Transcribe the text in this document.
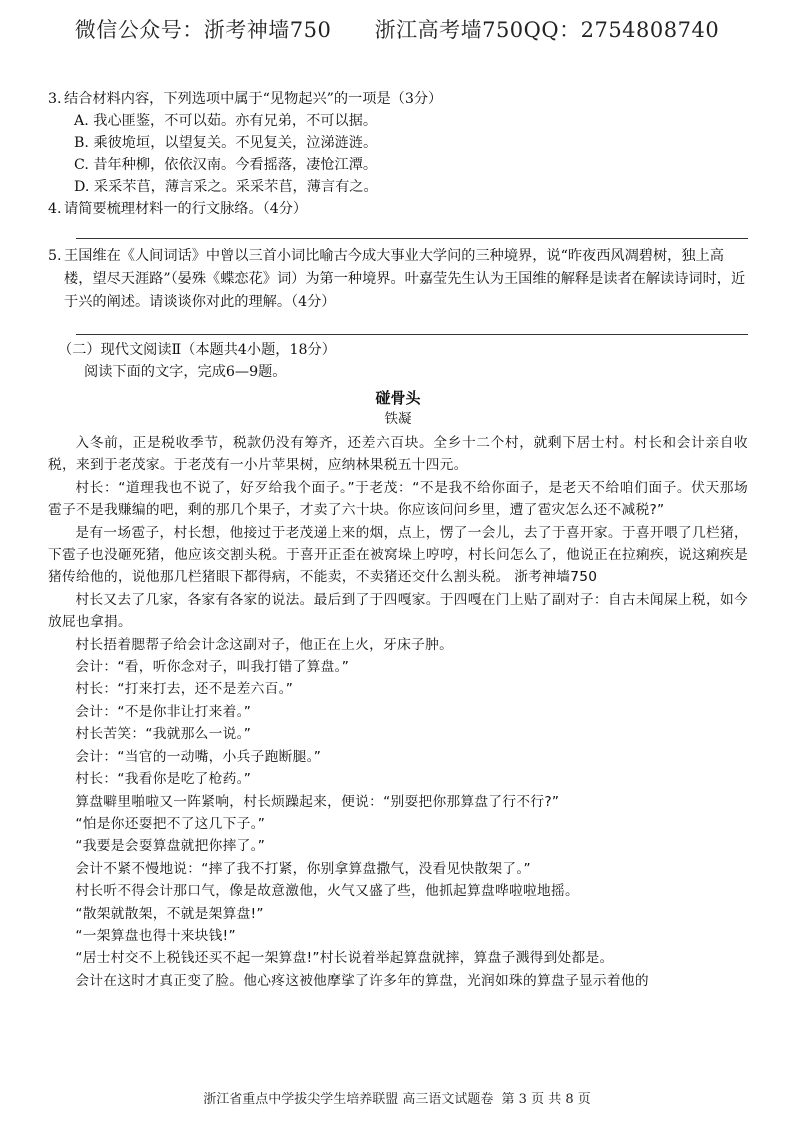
微信公众号：浙考神墙750 浙江高考墙750QQ：2754808740

3. 结合材料内容，下列选项中属于“见物起兴”的一项是（3分）

A. 我心匪鉴，不可以茹。亦有兄弟，不可以据。

B. 乘彼垝垣，以望复关。不见复关，泣涕涟涟。

C. 昔年种柳，依依汉南。今看摇落，凄怆江潭。

D. 采采芣苢，薄言采之。采采芣苢，薄言有之。

4. 请简要梳理材料一的行文脉络。（4分）

5. 王国维在《人间词话》中曾以三首小词比喻古今成大事业大学问的三种境界，说“昨夜西风凋碧树，独上高楼，望尽天涯路”（晏殊《蝶恋花》词）为第一种境界。叶嘉莹先生认为王国维的解释是读者在解读诗词时，近于兴的阐述。请谈谈你对此的理解。（4分）

（二）现代文阅读Ⅱ（本题共4小题，18分）

阅读下面的文字，完成6—9题。

碰骨头

铁凝

入冬前，正是税收季节，税款仍没有筹齐，还差六百块。全乡十二个村，就剩下居士村。村长和会计亲自收税，来到于老茂家。于老茂有一小片苹果树，应纳林果税五十四元。

村长：“道理我也不说了，好歹给我个面子。”于老茂：“不是我不给你面子，是老天不给咱们面子。伏天那场雹子不是我赚编的吧，剩的那几个果子，才卖了六十块。你应该问问乡里，遭了雹灾怎么还不减税?”

是有一场雹子，村长想，他接过于老茂递上来的烟，点上，愣了一会儿，去了于喜开家。于喜开喂了几栏猪，下雹子也没砸死猪，他应该交割头税。于喜开正歪在被窝垛上哼哼，村长问怎么了，他说正在拉痢疾，说这痢疾是猪传给他的，说他那几栏猪眼下都得病，不能卖，不卖猪还交什么割头税。 浙考神墙750

村长又去了几家，各家有各家的说法。最后到了于四嘎家。于四嘎在门上贴了副对子：自古未闻屎上税，如今放屁也拿捐。

村长捂着腮帮子给会计念这副对子，他正在上火，牙床子肿。

会计：“看，听你念对子，叫我打错了算盘。”

村长：“打来打去，还不是差六百。”

会计：“不是你非让打来着。”

村长苦笑：“我就那么一说。”

会计：“当官的一动嘴，小兵子跑断腿。”

村长：“我看你是吃了枪药。”

算盘噼里啪啦又一阵紧响，村长烦躁起来，便说：“别耍把你那算盘了行不行?”

“怕是你还耍把不了这几下子。”

“我要是会耍算盘就把你摔了。”

会计不紧不慢地说：“摔了我不打紧，你别拿算盘撒气，没看见快散架了。”

村长听不得会计那口气，像是故意激他，火气又盛了些，他抓起算盘哗啦啦地摇。

“散架就散架，不就是架算盘!”

“一架算盘也得十来块钱!”

“居士村交不上税钱还买不起一架算盘!”村长说着举起算盘就摔，算盘子溅得到处都是。

会计在这时才真正变了脸。他心疼这被他摩挲了许多年的算盘，光润如珠的算盘子显示着他的

浙江省重点中学拔尖学生培养联盟 高三语文试题卷 第 3 页 共 8 页
